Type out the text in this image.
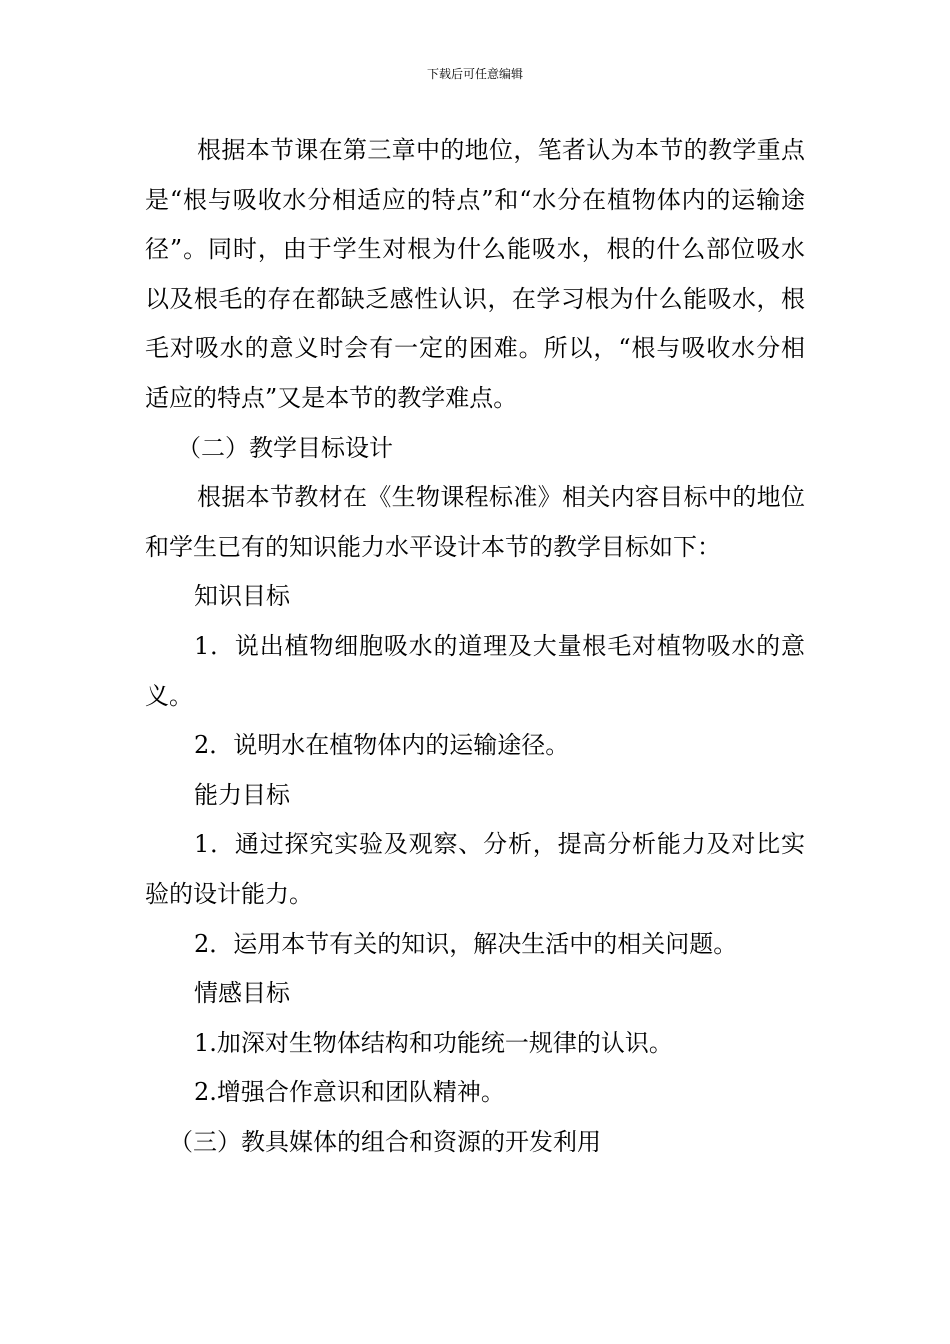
下载后可任意编辑

根据本节课在第三章中的地位，笔者认为本节的教学重点是“根与吸收水分相适应的特点”和“水分在植物体内的运输途径”。同时，由于学生对根为什么能吸水，根的什么部位吸水以及根毛的存在都缺乏感性认识，在学习根为什么能吸水，根毛对吸水的意义时会有一定的困难。所以，“根与吸收水分相适应的特点”又是本节的教学难点。

（二）教学目标设计

根据本节教材在《生物课程标准》相关内容目标中的地位和学生已有的知识能力水平设计本节的教学目标如下：

知识目标

1．说出植物细胞吸水的道理及大量根毛对植物吸水的意义。

2．说明水在植物体内的运输途径。

能力目标

1．通过探究实验及观察、分析，提高分析能力及对比实验的设计能力。

2．运用本节有关的知识，解决生活中的相关问题。

情感目标

1.加深对生物体结构和功能统一规律的认识。

2.增强合作意识和团队精神。

（三）教具媒体的组合和资源的开发利用
